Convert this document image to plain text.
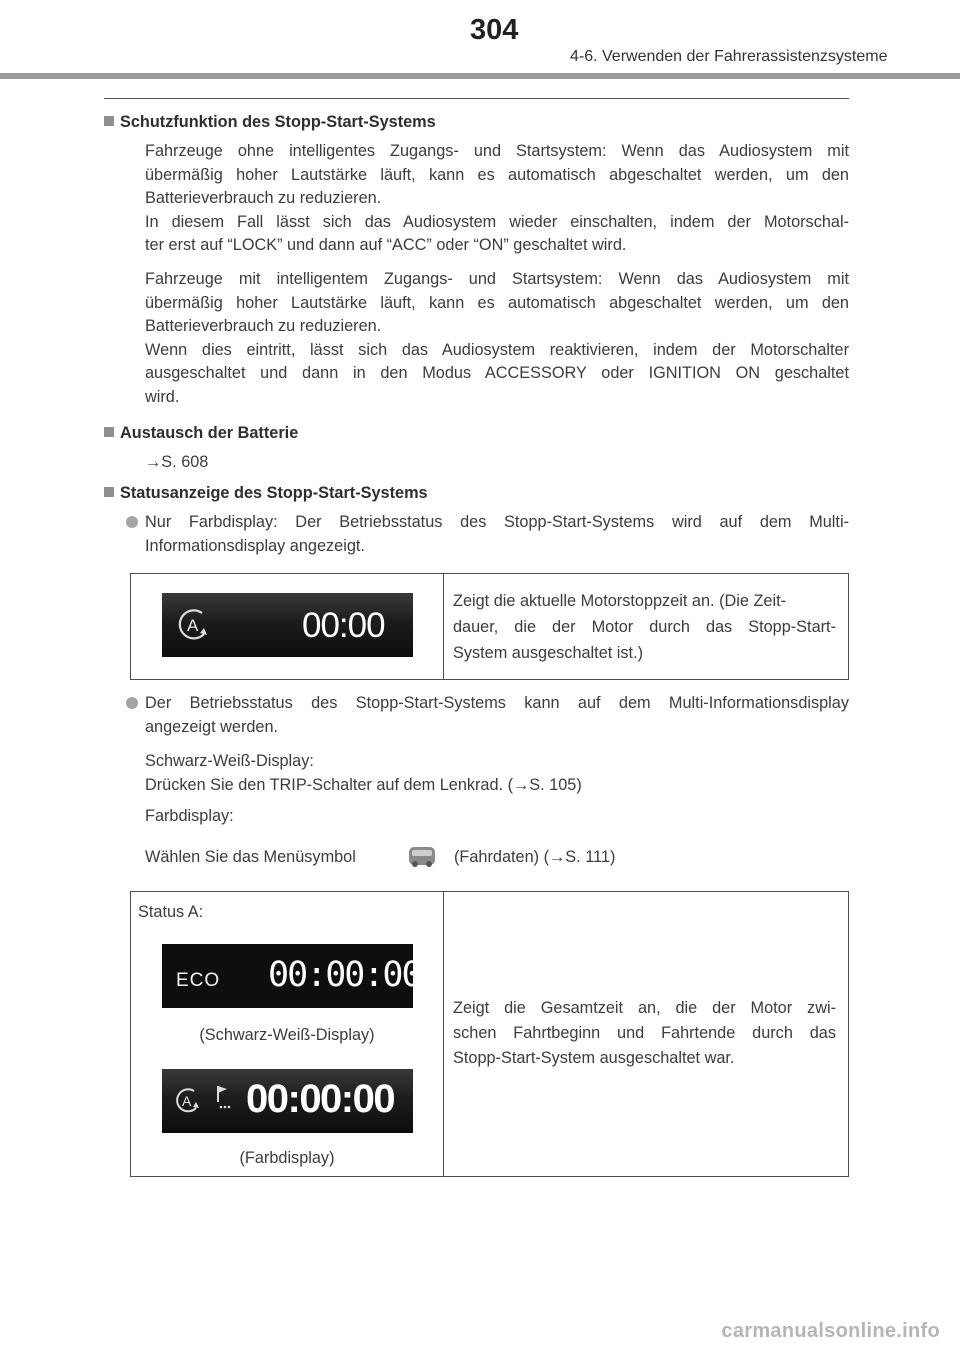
304
4-6. Verwenden der Fahrerassistenzsysteme
Schutzfunktion des Stopp-Start-Systems

Fahrzeuge ohne intelligentes Zugangs- und Startsystem: Wenn das Audiosystem mit

übermäßig hoher Lautstärke läuft, kann es automatisch abgeschaltet werden, um den

Batterieverbrauch zu reduzieren.

In diesem Fall lässt sich das Audiosystem wieder einschalten, indem der Motorschal-

ter erst auf “LOCK” und dann auf “ACC” oder “ON” geschaltet wird.

Fahrzeuge mit intelligentem Zugangs- und Startsystem: Wenn das Audiosystem mit

übermäßig hoher Lautstärke läuft, kann es automatisch abgeschaltet werden, um den

Batterieverbrauch zu reduzieren.

Wenn dies eintritt, lässt sich das Audiosystem reaktivieren, indem der Motorschalter

ausgeschaltet und dann in den Modus ACCESSORY oder IGNITION ON geschaltet

wird.

Austausch der Batterie

→S. 608

Statusanzeige des Stopp-Start-Systems

Nur Farbdisplay: Der Betriebsstatus des Stopp-Start-Systems wird auf dem Multi-

Informationsdisplay angezeigt.

A	00:00

Zeigt die aktuelle Motorstoppzeit an. (Die Zeit-

dauer, die der Motor durch das Stopp-Start-

System ausgeschaltet ist.)

Der Betriebsstatus des Stopp-Start-Systems kann auf dem Multi-Informationsdisplay

angezeigt werden.

Schwarz-Weiß-Display:

Drücken Sie den TRIP-Schalter auf dem Lenkrad. (→S. 105)

Farbdisplay:

Wählen Sie das Menüsymbol	(Fahrdaten) (→S. 111)
Status A:
ECO 00:00:00
(Schwarz-Weiß-Display)
A 00:00:00
(Farbdisplay)

Zeigt die Gesamtzeit an, die der Motor zwi-

schen Fahrtbeginn und Fahrtende durch das

Stopp-Start-System ausgeschaltet war.

carmanualsonline.info
